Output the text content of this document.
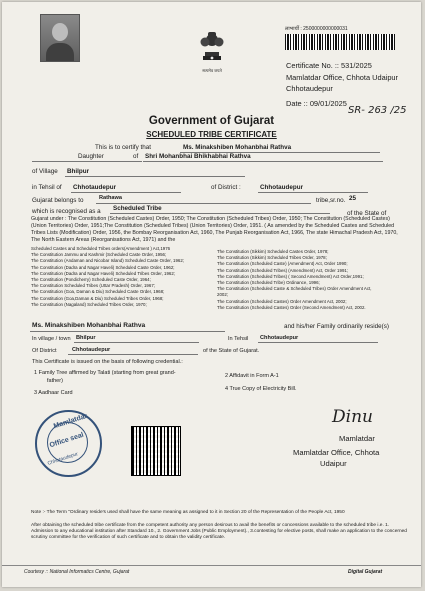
सत्यमेव जयते
लाभार्थी : 2500000000000031
Certificate No. :: 531/2025
Mamlatdar Office, Chhota Udaipur
Chhotaudepur
Date :: 09/01/2025
SR- 263 /25
Government of Gujarat
SCHEDULED TRIBE CERTIFICATE
This is to certify that	Ms. Minakshiben Mohanbhai Rathva
Daughter	of Shri Mohanbhai Bhikhabhai Rathva
of Village Bhilpur
in Tehsil of Chhotaudepur	of District :	Chhotaudepur
Gujarat belongs to	Rathawa	tribe,sr.no. 25
which is recognised as a Scheduled Tribe
of the State of
Gujarat under : The Constitution (Scheduled Castes) Order, 1950; The Constitution (Scheduled Tribes) Order, 1950; The Constitution (Scheduled Castes) (Union Territories) Order, 1951;The Constitution (Scheduled Tribes) (Union Territories) Order, 1951. ( As amended by the Scheduled Castes and Scheduled Tribes Lists (Modification) Order, 1956, the Bombay Reorganisation Act, 1960, The Punjab Reorganisation Act, 1966, The state Himachal Pradesh Act, 1970, The North Eastern Areas (Reorganisations Act, 1971) and the
Scheduled Castes and Scheduled Tribes orders(Amendment ) Act,1976
The Constitution Jammu and Kashmir (Scheduled Caste Order, 1956;
The Constitution (Andaman and Nicobar Island) Scheduled Caste Order, 1962;
The Constitution (Dadra and Nagar Haveli) Scheduled Caste Order, 1962;
The Constitution (Dadra and Nagar Haveli) Scheduled Tribes Order, 1962;
The Constitution (Pondicherry) Scheduled Caste Order, 1964;
The Constitution Scheduled Tribes (Uttar Pradesh) Order, 1967;
The Constitution (Goa, Daman & Diu) Scheduled Caste Order, 1968;
The Constitution (Goa,Daman & Diu) Scheduled Tribes Order, 1968;
The Constitution (Nagaland) Scheduled Tribes Order, 1970;
The Constitution (Sikkim) Scheduled Castes Order, 1978;
The Constitution (Sikkim) Scheduled Tribes Order, 1978;
The Constitution (Scheduled Caste) (Amendment) Act, Order 1990;
The Constitution (Scheduled Tribes) (Amendment) Act, Order 1991;
The Constitution (Scheduled Tribes) ( Second Amendment) Act Order,1991;
The Constitution (Scheduled Tribe) Ordinance, 1996;
The Constitution (Scheduled Caste & Scheduled Tribes) Order Amendment Act,
2002;
The Constitution (Scheduled Castes) Order Amendment Act, 2002;
The Constitution (Scheduled Castes) Order (Second Amendment) Act, 2002.
Ms. Minakshiben Mohanbhai Rathva	and his/her Family ordinarily reside(s)
In village / town Bhilpur	In Tehsil Chhotaudepur
Of District	Chhotaudepur	of the State of Gujarat.
This Certificate is issued on the basis of following credential.:
1 Family Tree affirmed by Talati (starting from great grand-
father)
2 Affidavit in Form A-1
3 Aadhaar Card
4 True Copy of Electricity Bill.
Mamlatdar
Office seal
Chhotaudepur
Dinu
Mamlatdar
Mamlatdar Office, Chhota
Udaipur
Note :- The Term "Ordinary reside's used shall have the same meaning as assigned to it in Section 20 of the Representation of the People Act, 1950
After obtaining the scheduled tribe certificate from the competent authority any person desirous to avail the benefits or concessions available to the scheduled tribe i.e. 1. Admission to any educational institution after Standard 10., 2. Government Jobs (Public Employment)., 3.contesting for elective posts, shall make an application to the concerned scrutiny committee for the verification of such certificate and to obtain the validity certificate.
Courtesy :: National Informatics Centre, Gujarat	Digital Gujarat
